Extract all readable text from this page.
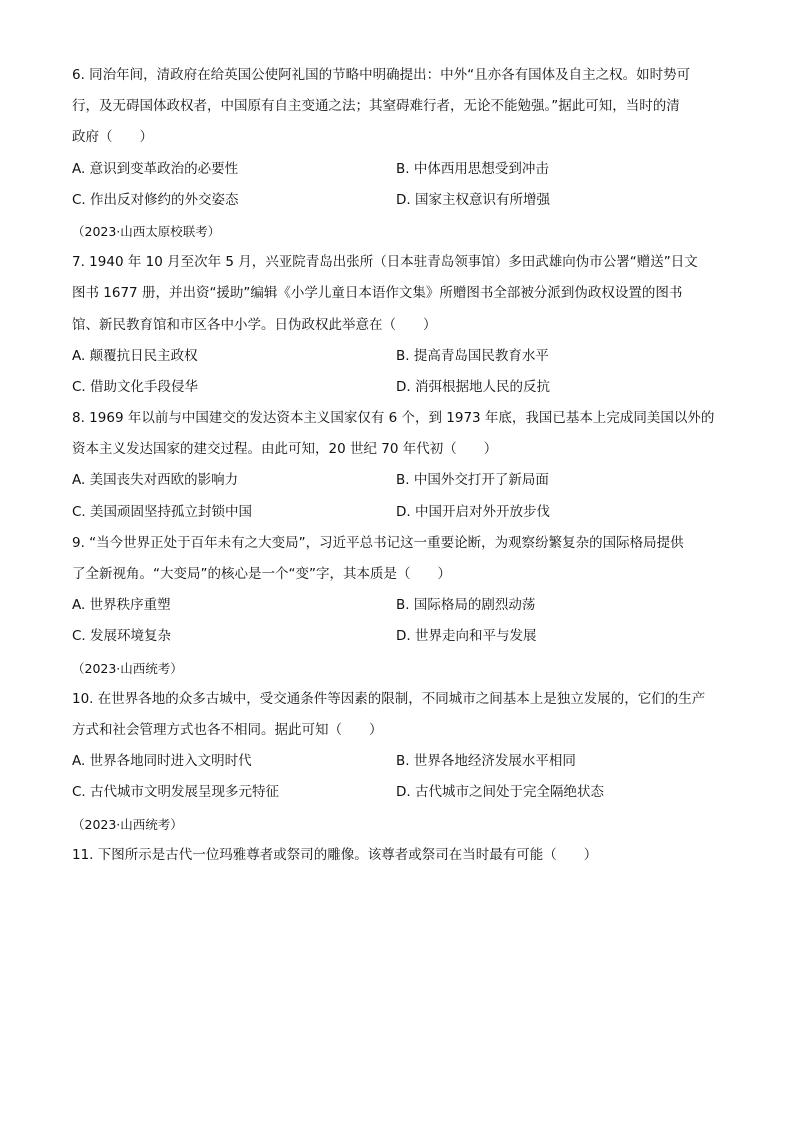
6. 同治年间，清政府在给英国公使阿礼国的节略中明确提出：中外“且亦各有国体及自主之权。如时势可

行，及无碍国体政权者，中国原有自主变通之法；其窒碍难行者，无论不能勉强。”据此可知，当时的清

政府（　　）

A. 意识到变革政治的必要性	B. 中体西用思想受到冲击
C. 作出反对修约的外交姿态	D. 国家主权意识有所增强

（2023·山西太原校联考）

7. 1940 年 10 月至次年 5 月，兴亚院青岛出张所（日本驻青岛领事馆）多田武雄向伪市公署“赠送”日文

图书 1677 册，并出资“援助”编辑《小学儿童日本语作文集》所赠图书全部被分派到伪政权设置的图书

馆、新民教育馆和市区各中小学。日伪政权此举意在（　　）

A. 颠覆抗日民主政权	B. 提高青岛国民教育水平
C. 借助文化手段侵华	D. 消弭根据地人民的反抗

8. 1969 年以前与中国建交的发达资本主义国家仅有 6 个，到 1973 年底，我国已基本上完成同美国以外的

资本主义发达国家的建交过程。由此可知，20 世纪 70 年代初（　　）

A. 美国丧失对西欧的影响力	B. 中国外交打开了新局面
C. 美国顽固坚持孤立封锁中国	D. 中国开启对外开放步伐

9. “当今世界正处于百年未有之大变局”，习近平总书记这一重要论断，为观察纷繁复杂的国际格局提供

了全新视角。“大变局”的核心是一个“变”字，其本质是（　　）

A. 世界秩序重塑	B. 国际格局的剧烈动荡
C. 发展环境复杂	D. 世界走向和平与发展

（2023·山西统考）

10. 在世界各地的众多古城中，受交通条件等因素的限制，不同城市之间基本上是独立发展的，它们的生产

方式和社会管理方式也各不相同。据此可知（　　）

A. 世界各地同时进入文明时代	B. 世界各地经济发展水平相同
C. 古代城市文明发展呈现多元特征	D. 古代城市之间处于完全隔绝状态

（2023·山西统考）

11. 下图所示是古代一位玛雅尊者或祭司的雕像。该尊者或祭司在当时最有可能（　　）
